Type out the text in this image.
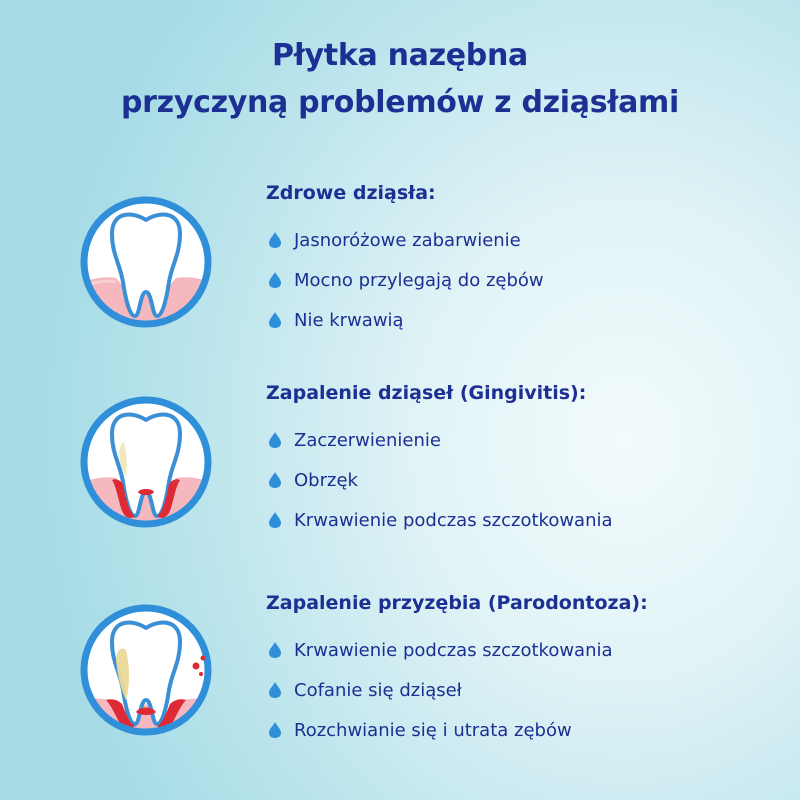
Płytka nazębna
przyczyną problemów z dziąsłami
Zdrowe dziąsła:
Jasnoróżowe zabarwienie
Mocno przylegają do zębów
Nie krwawią
Zapalenie dziąseł (Gingivitis):
Zaczerwienienie
Obrzęk
Krwawienie podczas szczotkowania
Zapalenie przyzębia (Parodontoza):
Krwawienie podczas szczotkowania
Cofanie się dziąseł
Rozchwianie się i utrata zębów
